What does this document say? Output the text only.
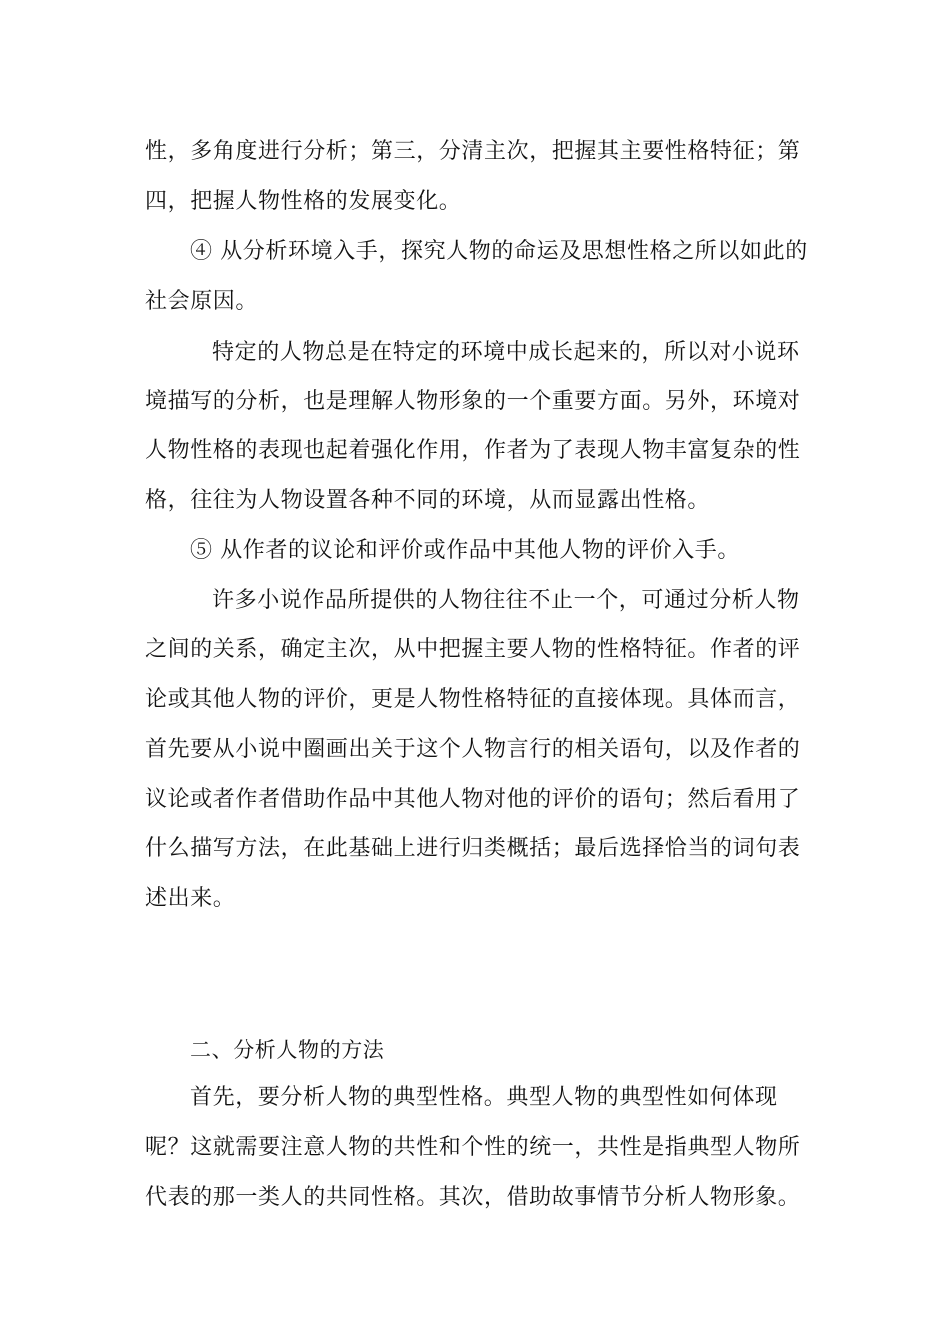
性，多角度进行分析；第三，分清主次，把握其主要性格特征；第
四，把握人物性格的发展变化。
④ 从分析环境入手，探究人物的命运及思想性格之所以如此的
社会原因。
特定的人物总是在特定的环境中成长起来的，所以对小说环
境描写的分析，也是理解人物形象的一个重要方面。另外，环境对
人物性格的表现也起着强化作用，作者为了表现人物丰富复杂的性
格，往往为人物设置各种不同的环境，从而显露出性格。
⑤ 从作者的议论和评价或作品中其他人物的评价入手。
许多小说作品所提供的人物往往不止一个，可通过分析人物
之间的关系，确定主次，从中把握主要人物的性格特征。作者的评
论或其他人物的评价，更是人物性格特征的直接体现。具体而言，
首先要从小说中圈画出关于这个人物言行的相关语句，以及作者的
议论或者作者借助作品中其他人物对他的评价的语句；然后看用了
什么描写方法，在此基础上进行归类概括；最后选择恰当的词句表
述出来。
二、分析人物的方法
首先，要分析人物的典型性格。典型人物的典型性如何体现
呢？这就需要注意人物的共性和个性的统一，共性是指典型人物所
代表的那一类人的共同性格。其次，借助故事情节分析人物形象。
